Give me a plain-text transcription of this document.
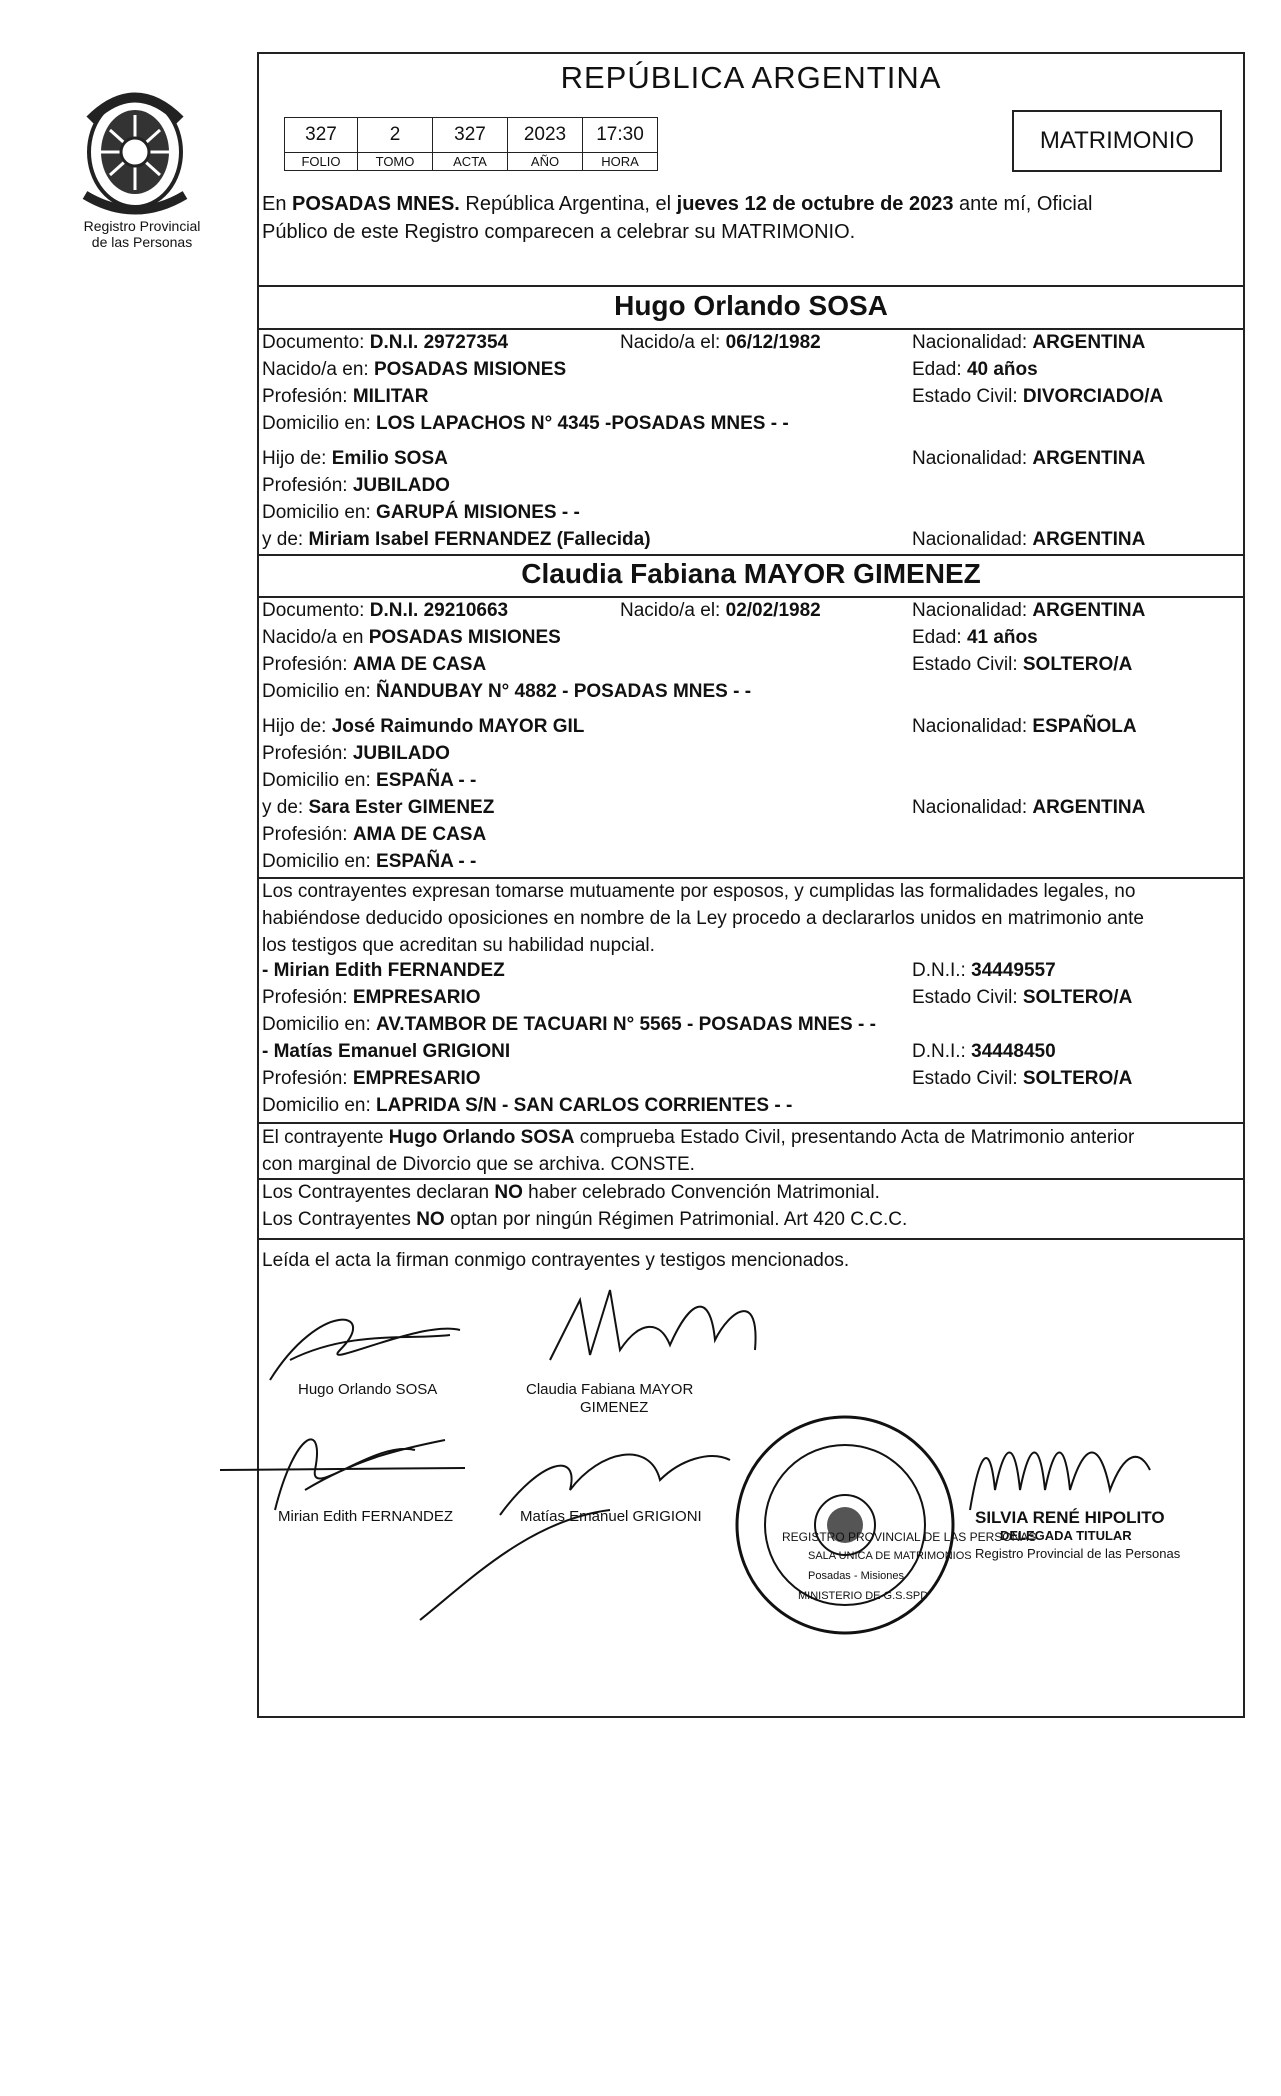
Registro Provincial
de las Personas
REPÚBLICA ARGENTINA
327	2	327	2023	17:30
FOLIO	TOMO	ACTA	AÑO	HORA
MATRIMONIO
En POSADAS MNES. República Argentina, el jueves 12 de octubre de 2023 ante mí, Oficial
Público de este Registro comparecen a celebrar su MATRIMONIO.
Hugo Orlando SOSA
Documento: D.N.I. 29727354	Nacido/a el: 06/12/1982	Nacionalidad: ARGENTINA
Nacido/a en: POSADAS MISIONES	Edad: 40 años
Profesión: MILITAR	Estado Civil: DIVORCIADO/A
Domicilio en: LOS LAPACHOS N° 4345 -POSADAS MNES - -
Hijo de: Emilio SOSA	Nacionalidad: ARGENTINA
Profesión: JUBILADO
Domicilio en: GARUPÁ MISIONES - -
y de: Miriam Isabel FERNANDEZ (Fallecida)	Nacionalidad: ARGENTINA
Claudia Fabiana MAYOR GIMENEZ
Documento: D.N.I. 29210663	Nacido/a el: 02/02/1982	Nacionalidad: ARGENTINA
Nacido/a en POSADAS MISIONES	Edad: 41 años
Profesión: AMA DE CASA	Estado Civil: SOLTERO/A
Domicilio en: ÑANDUBAY N° 4882 - POSADAS MNES - -
Hijo de: José Raimundo MAYOR GIL	Nacionalidad: ESPAÑOLA
Profesión: JUBILADO
Domicilio en: ESPAÑA - -
y de: Sara Ester GIMENEZ	Nacionalidad: ARGENTINA
Profesión: AMA DE CASA
Domicilio en: ESPAÑA - -
Los contrayentes expresan tomarse mutuamente por esposos, y cumplidas las formalidades legales, no
habiéndose deducido oposiciones en nombre de la Ley procedo a declararlos unidos en matrimonio ante
los testigos que acreditan su habilidad nupcial.
- Mirian Edith FERNANDEZ	D.N.I.: 34449557
Profesión: EMPRESARIO	Estado Civil: SOLTERO/A
Domicilio en: AV.TAMBOR DE TACUARI N° 5565 - POSADAS MNES - -
- Matías Emanuel GRIGIONI	D.N.I.: 34448450
Profesión: EMPRESARIO	Estado Civil: SOLTERO/A
Domicilio en: LAPRIDA S/N - SAN CARLOS CORRIENTES - -
El contrayente Hugo Orlando SOSA comprueba Estado Civil, presentando Acta de Matrimonio anterior
con marginal de Divorcio que se archiva. CONSTE.
Los Contrayentes declaran NO haber celebrado Convención Matrimonial.
Los Contrayentes NO optan por ningún Régimen Patrimonial. Art 420 C.C.C.
Leída el acta la firman conmigo contrayentes y testigos mencionados.
Hugo Orlando SOSA	Claudia Fabiana MAYOR
GIMENEZ
Mirian Edith FERNANDEZ	Matías Emanuel GRIGIONI
REGISTRO PROVINCIAL DE LAS PERSONAS
SALA UNICA DE MATRIMONIOS
Posadas - Misiones
MINISTERIO DE G.S.SPD
SILVIA RENÉ HIPOLITO
DELEGADA TITULAR
Registro Provincial de las Personas
